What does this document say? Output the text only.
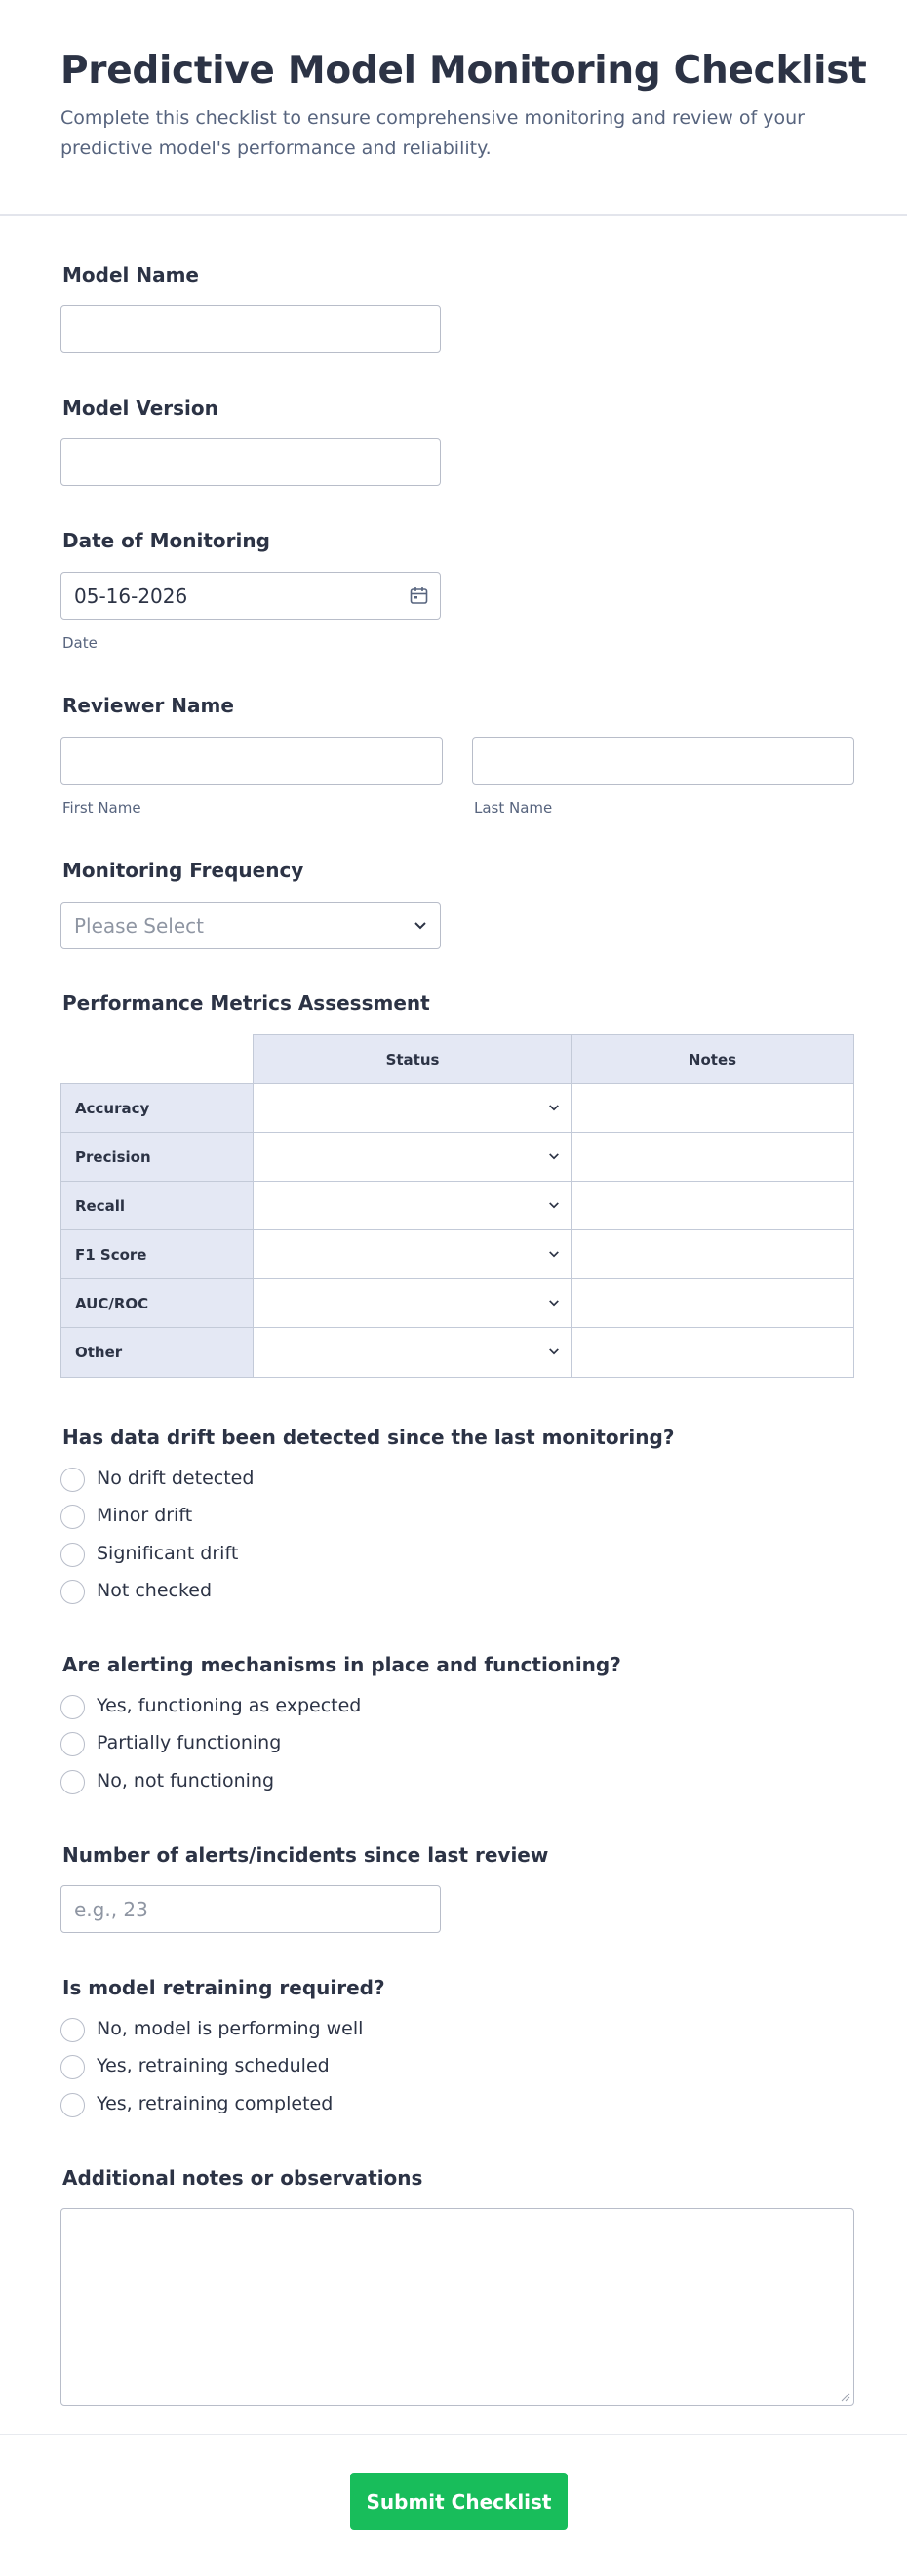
Predictive Model Monitoring Checklist
Complete this checklist to ensure comprehensive monitoring and review of your predictive model's performance and reliability.
Model Name
Model Version
Date of Monitoring
05-16-2026
Date
Reviewer Name
First Name	Last Name
Monitoring Frequency
Please Select
Performance Metrics Assessment
Status	Notes
Accuracy
Precision
Recall
F1 Score
AUC/ROC
Other
Has data drift been detected since the last monitoring?
No drift detected
Minor drift
Significant drift
Not checked
Are alerting mechanisms in place and functioning?
Yes, functioning as expected
Partially functioning
No, not functioning
Number of alerts/incidents since last review
e.g., 23
Is model retraining required?
No, model is performing well
Yes, retraining scheduled
Yes, retraining completed
Additional notes or observations
Submit Checklist
